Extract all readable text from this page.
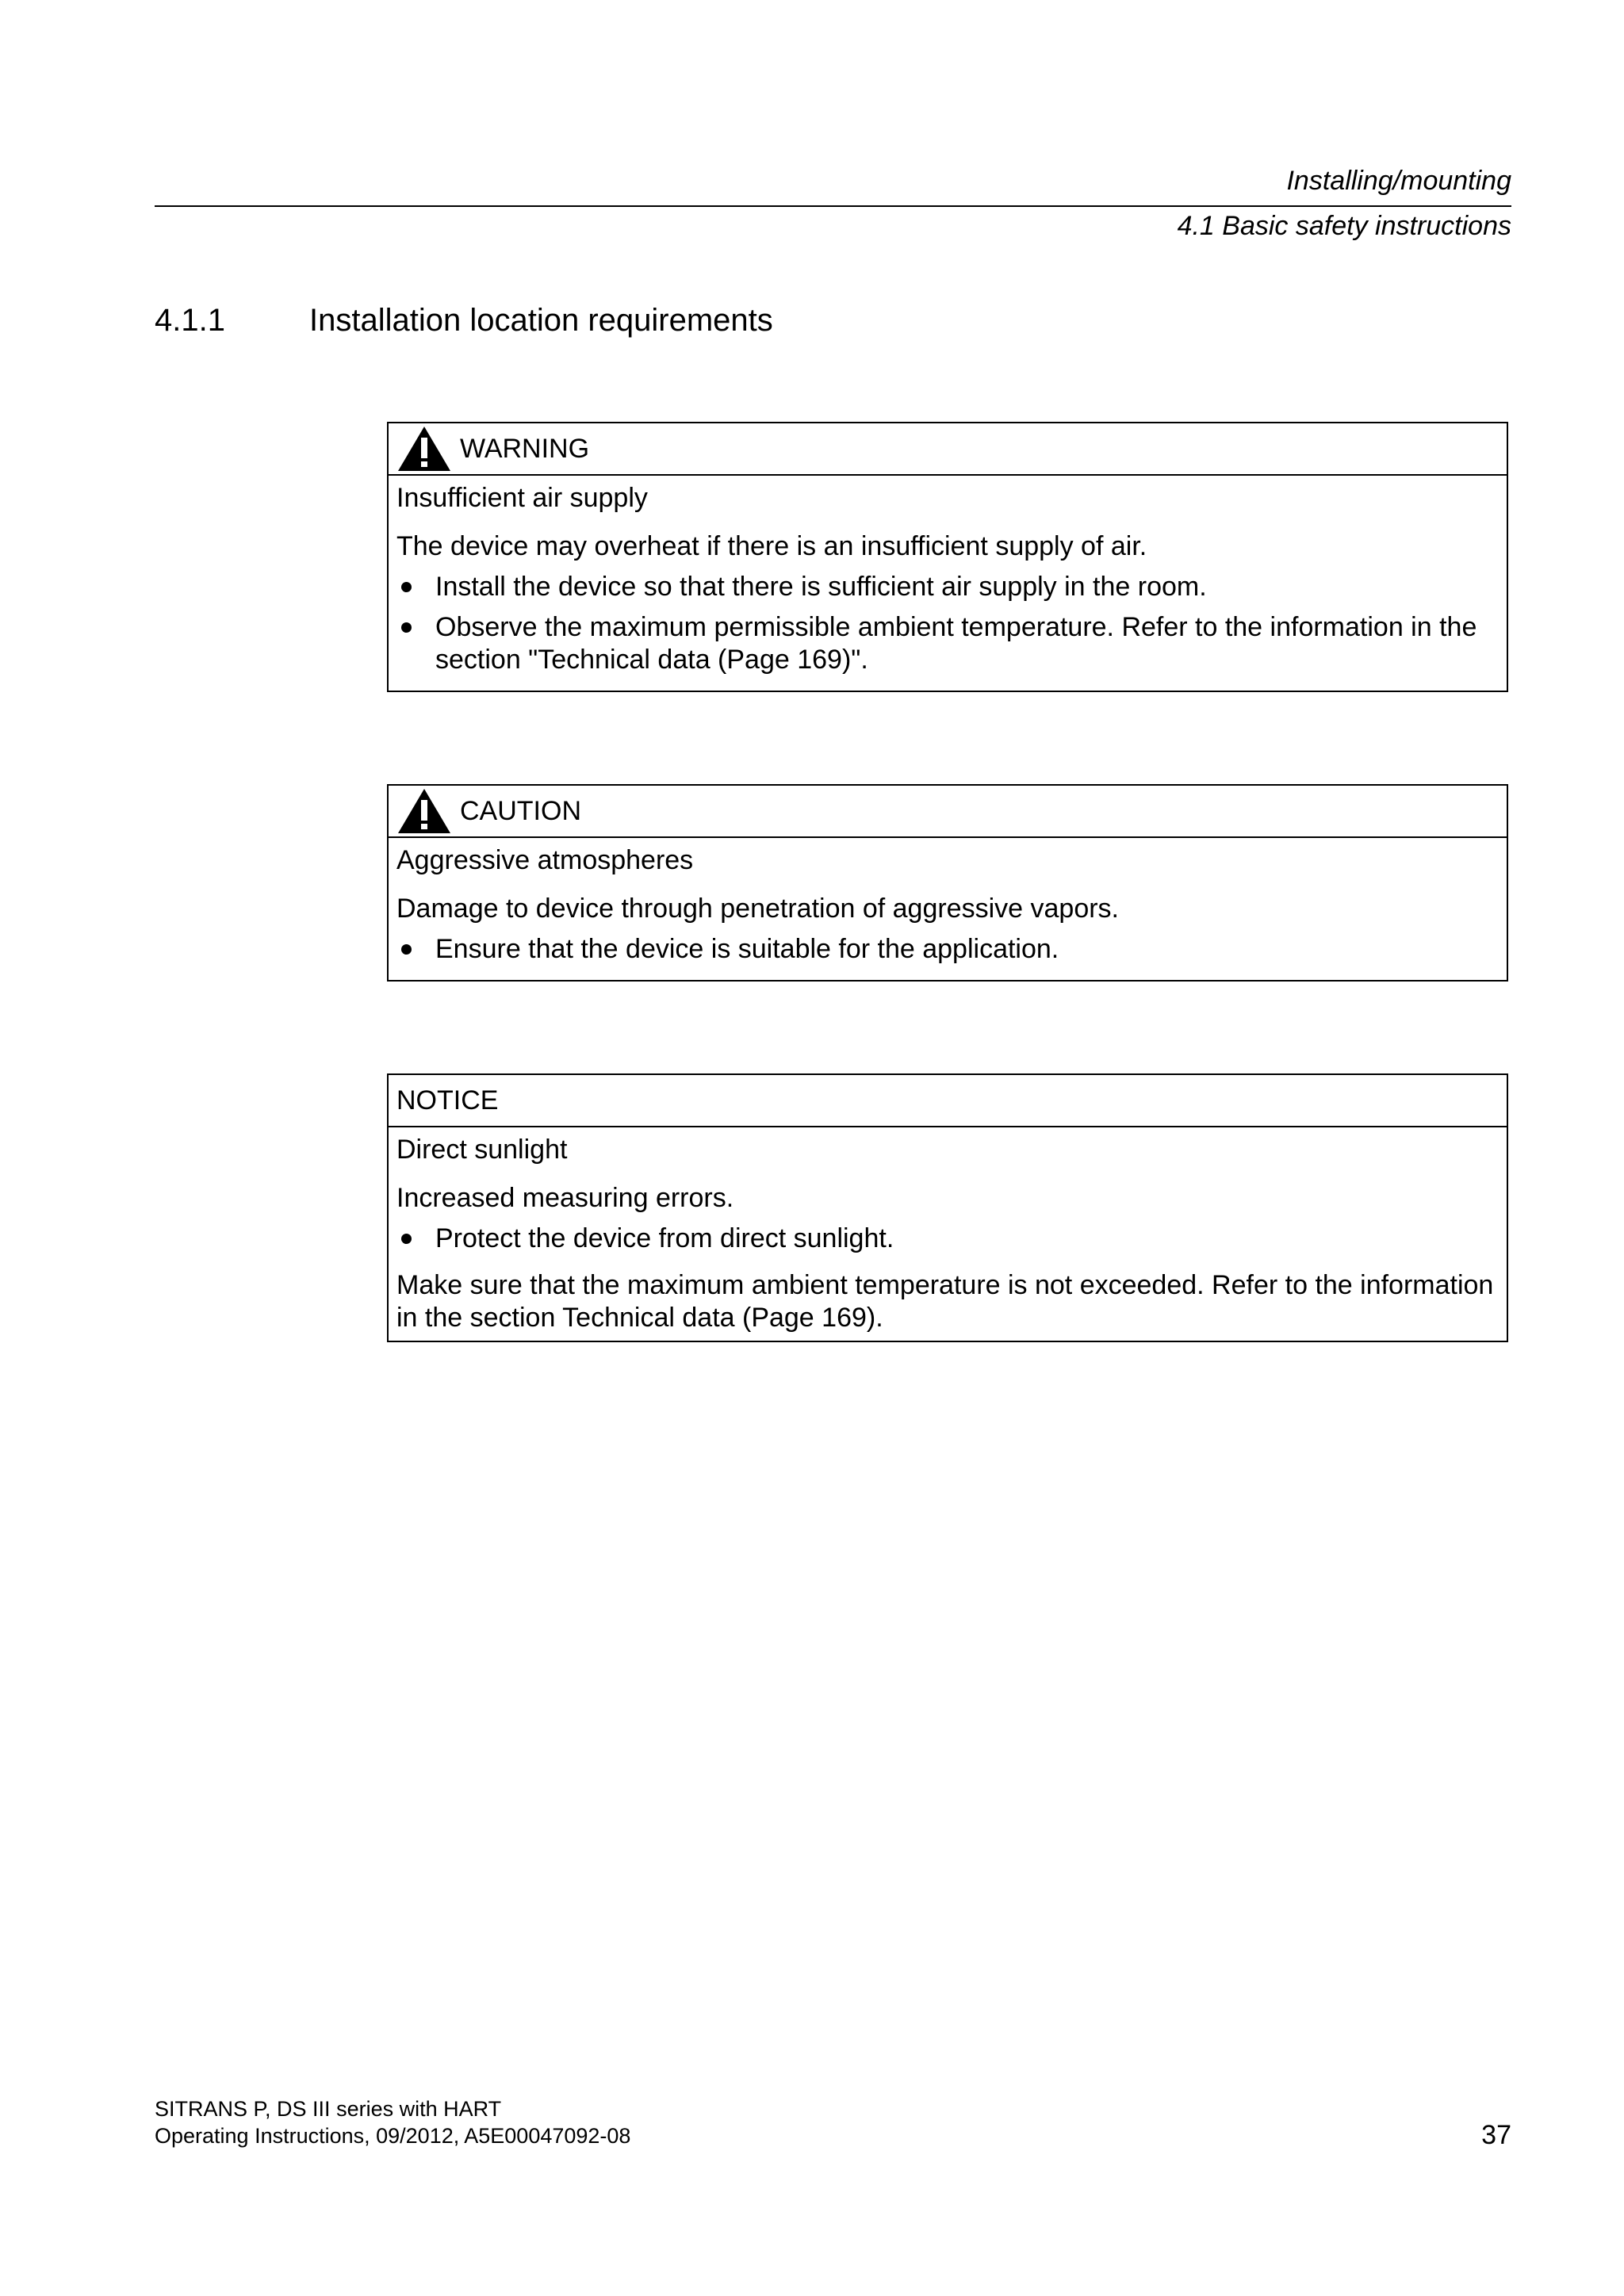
Installing/mounting
4.1 Basic safety instructions
4.1.1	Installation location requirements
WARNING
Insufficient air supply
The device may overheat if there is an insufficient supply of air.
Install the device so that there is sufficient air supply in the room.
Observe the maximum permissible ambient temperature. Refer to the information in the section "Technical data (Page 169)".
CAUTION
Aggressive atmospheres
Damage to device through penetration of aggressive vapors.
Ensure that the device is suitable for the application.
NOTICE
Direct sunlight
Increased measuring errors.
Protect the device from direct sunlight.
Make sure that the maximum ambient temperature is not exceeded. Refer to the information in the section Technical data (Page 169).
SITRANS P, DS III series with HART
Operating Instructions, 09/2012, A5E00047092-08	37
